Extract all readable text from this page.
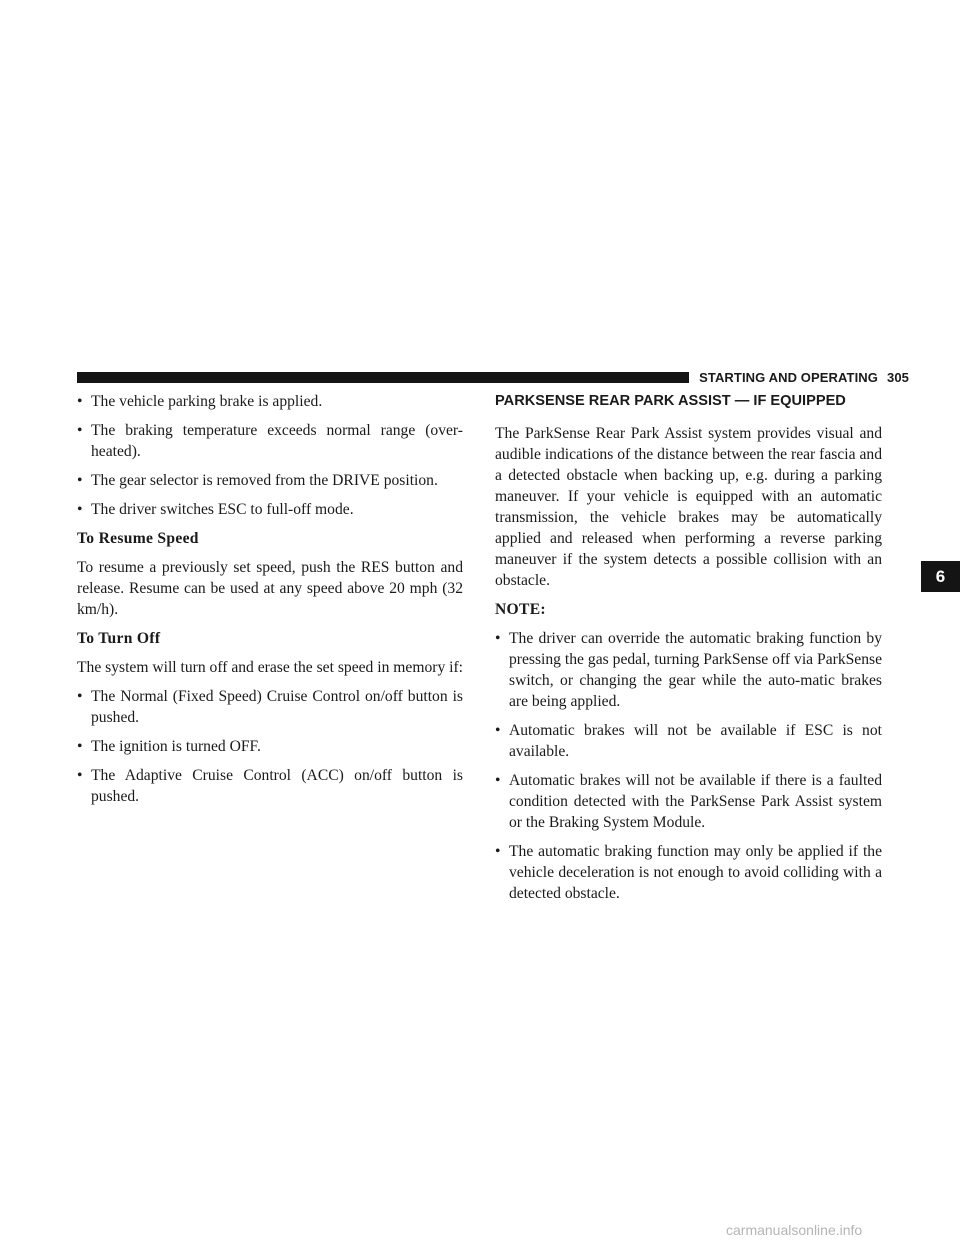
STARTING AND OPERATING 305
• The vehicle parking brake is applied.
• The braking temperature exceeds normal range (over-heated).
• The gear selector is removed from the DRIVE position.
• The driver switches ESC to full-off mode.
To Resume Speed

To resume a previously set speed, push the RES button and release. Resume can be used at any speed above 20 mph (32 km/h).

To Turn Off

The system will turn off and erase the set speed in memory if:

• The Normal (Fixed Speed) Cruise Control on/off button is pushed.
• The ignition is turned OFF.
• The Adaptive Cruise Control (ACC) on/off button is pushed.
PARKSENSE REAR PARK ASSIST — IF EQUIPPED

The ParkSense Rear Park Assist system provides visual and audible indications of the distance between the rear fascia and a detected obstacle when backing up, e.g. during a parking maneuver. If your vehicle is equipped with an automatic transmission, the vehicle brakes may be automatically applied and released when performing a reverse parking maneuver if the system detects a possible collision with an obstacle.

NOTE:
• The driver can override the automatic braking function by pressing the gas pedal, turning ParkSense off via ParkSense switch, or changing the gear while the auto-matic brakes are being applied.
• Automatic brakes will not be available if ESC is not available.
• Automatic brakes will not be available if there is a faulted condition detected with the ParkSense Park Assist system or the Braking System Module.
• The automatic braking function may only be applied if the vehicle deceleration is not enough to avoid colliding with a detected obstacle.
6
carmanualsonline.info
